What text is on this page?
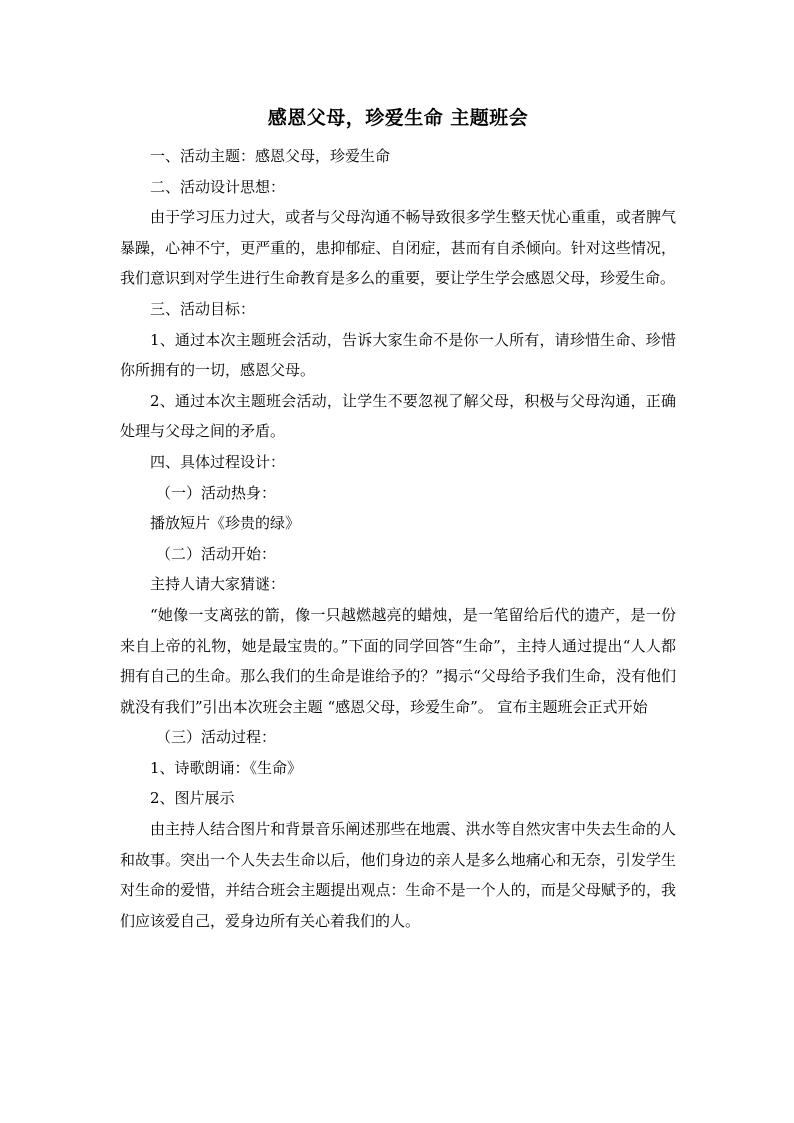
感恩父母，珍爱生命 主题班会

一、活动主题：感恩父母，珍爱生命

二、活动设计思想：

由于学习压力过大，或者与父母沟通不畅导致很多学生整天忧心重重，或者脾气暴躁，心神不宁，更严重的，患抑郁症、自闭症，甚而有自杀倾向。针对这些情况，我们意识到对学生进行生命教育是多么的重要，要让学生学会感恩父母，珍爱生命。

三、活动目标：

1、通过本次主题班会活动，告诉大家生命不是你一人所有，请珍惜生命、珍惜你所拥有的一切，感恩父母。

2、通过本次主题班会活动，让学生不要忽视了解父母，积极与父母沟通，正确处理与父母之间的矛盾。

四、具体过程设计：

（一）活动热身：

播放短片《珍贵的绿》

（二）活动开始：

主持人请大家猜谜：

“她像一支离弦的箭，像一只越燃越亮的蜡烛，是一笔留给后代的遗产，是一份来自上帝的礼物，她是最宝贵的。”下面的同学回答“生命”，主持人通过提出“人人都拥有自己的生命。那么我们的生命是谁给予的？”揭示“父母给予我们生命，没有他们就没有我们”引出本次班会主题 “感恩父母，珍爱生命”。 宣布主题班会正式开始

（三）活动过程：

1、诗歌朗诵：《生命》

2、图片展示

由主持人结合图片和背景音乐阐述那些在地震、洪水等自然灾害中失去生命的人和故事。突出一个人失去生命以后，他们身边的亲人是多么地痛心和无奈，引发学生对生命的爱惜，并结合班会主题提出观点：生命不是一个人的，而是父母赋予的，我们应该爱自己，爱身边所有关心着我们的人。
